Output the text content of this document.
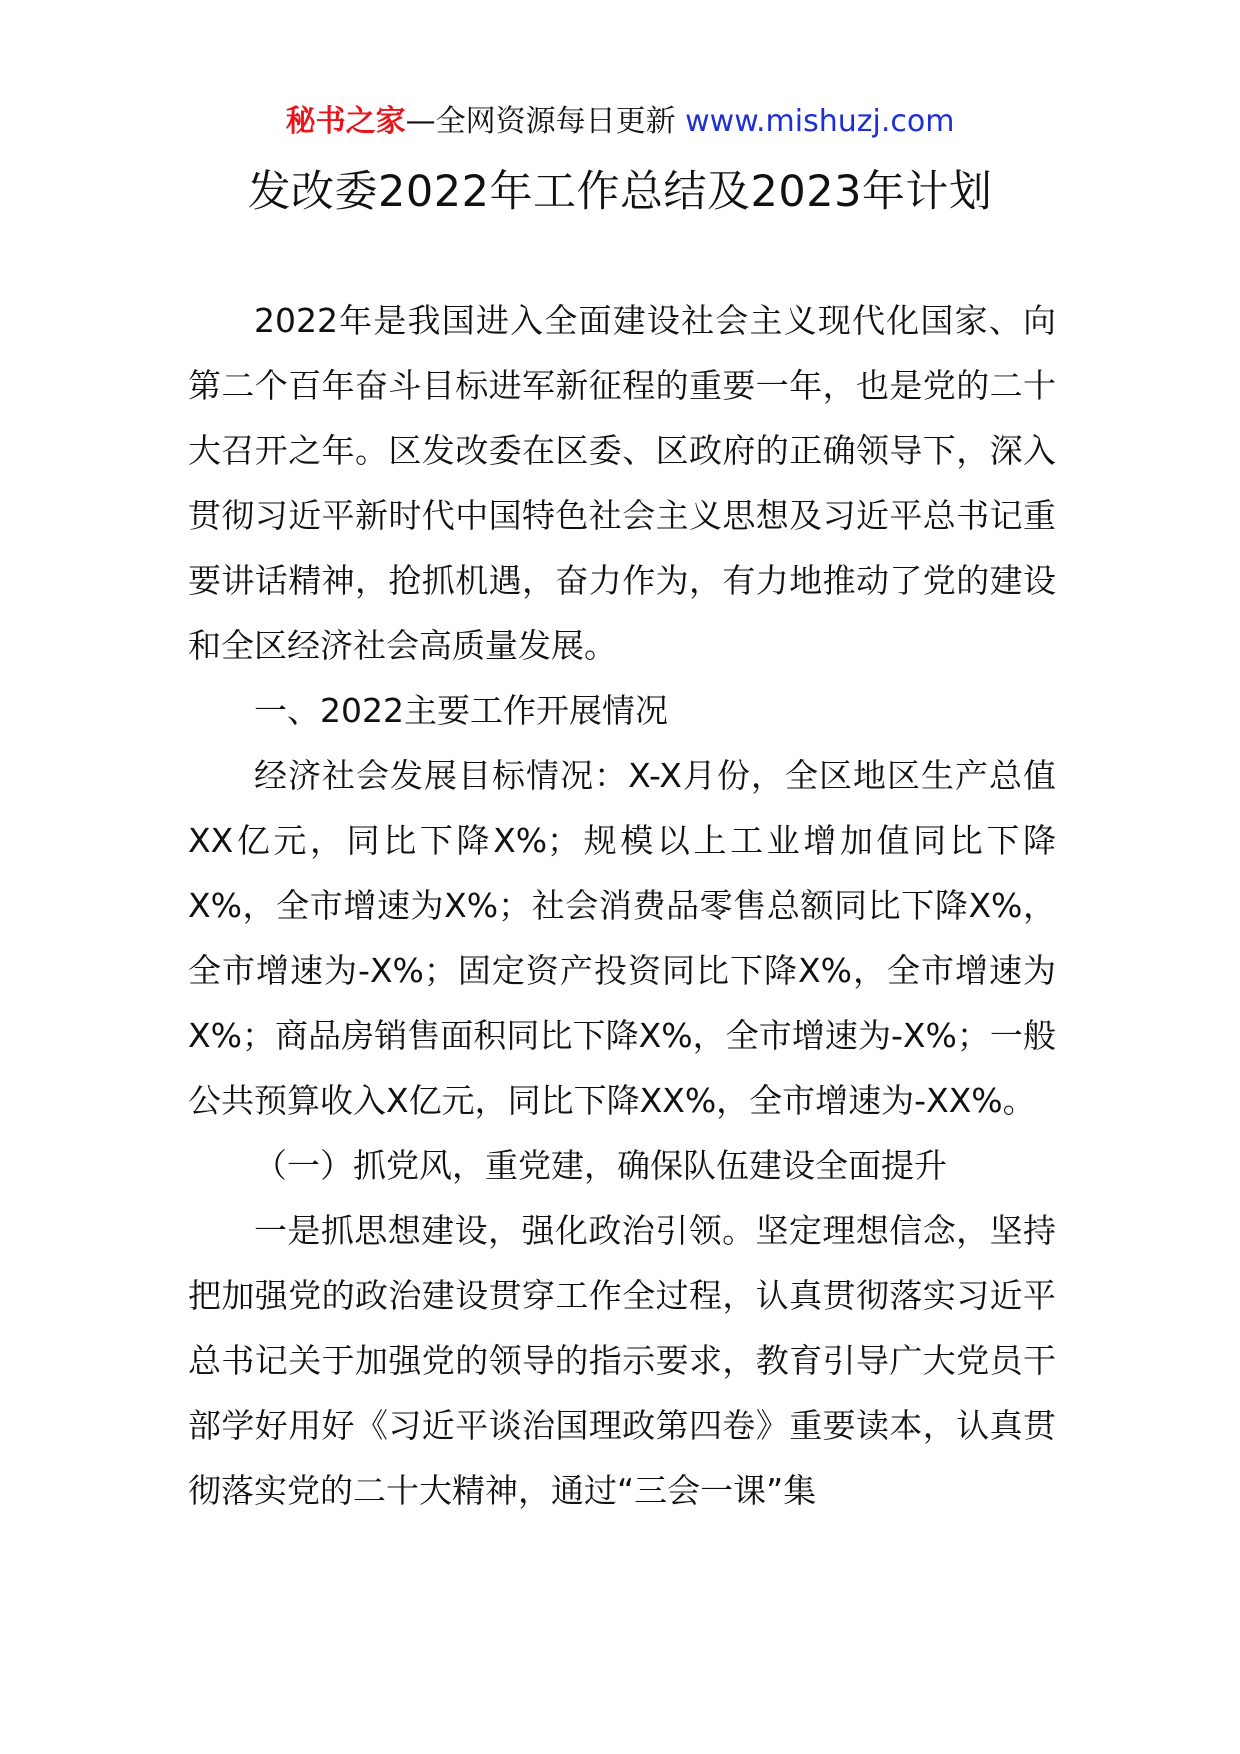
秘书之家—全网资源每日更新 www.mishuzj.com
发改委2022年工作总结及2023年计划

2022年是我国进入全面建设社会主义现代化国家、向第二个百年奋斗目标进军新征程的重要一年，也是党的二十大召开之年。区发改委在区委、区政府的正确领导下，深入贯彻习近平新时代中国特色社会主义思想及习近平总书记重要讲话精神，抢抓机遇，奋力作为，有力地推动了党的建设和全区经济社会高质量发展。

一、2022主要工作开展情况

经济社会发展目标情况：X-X月份，全区地区生产总值XX亿元，同比下降X%；规模以上工业增加值同比下降X%，全市增速为X%；社会消费品零售总额同比下降X%，全市增速为-X%；固定资产投资同比下降X%，全市增速为X%；商品房销售面积同比下降X%，全市增速为-X%；一般公共预算收入X亿元，同比下降XX%，全市增速为-XX%。

（一）抓党风，重党建，确保队伍建设全面提升

一是抓思想建设，强化政治引领。坚定理想信念，坚持把加强党的政治建设贯穿工作全过程，认真贯彻落实习近平总书记关于加强党的领导的指示要求，教育引导广大党员干部学好用好《习近平谈治国理政第四卷》重要读本，认真贯彻落实党的二十大精神，通过“三会一课”集
